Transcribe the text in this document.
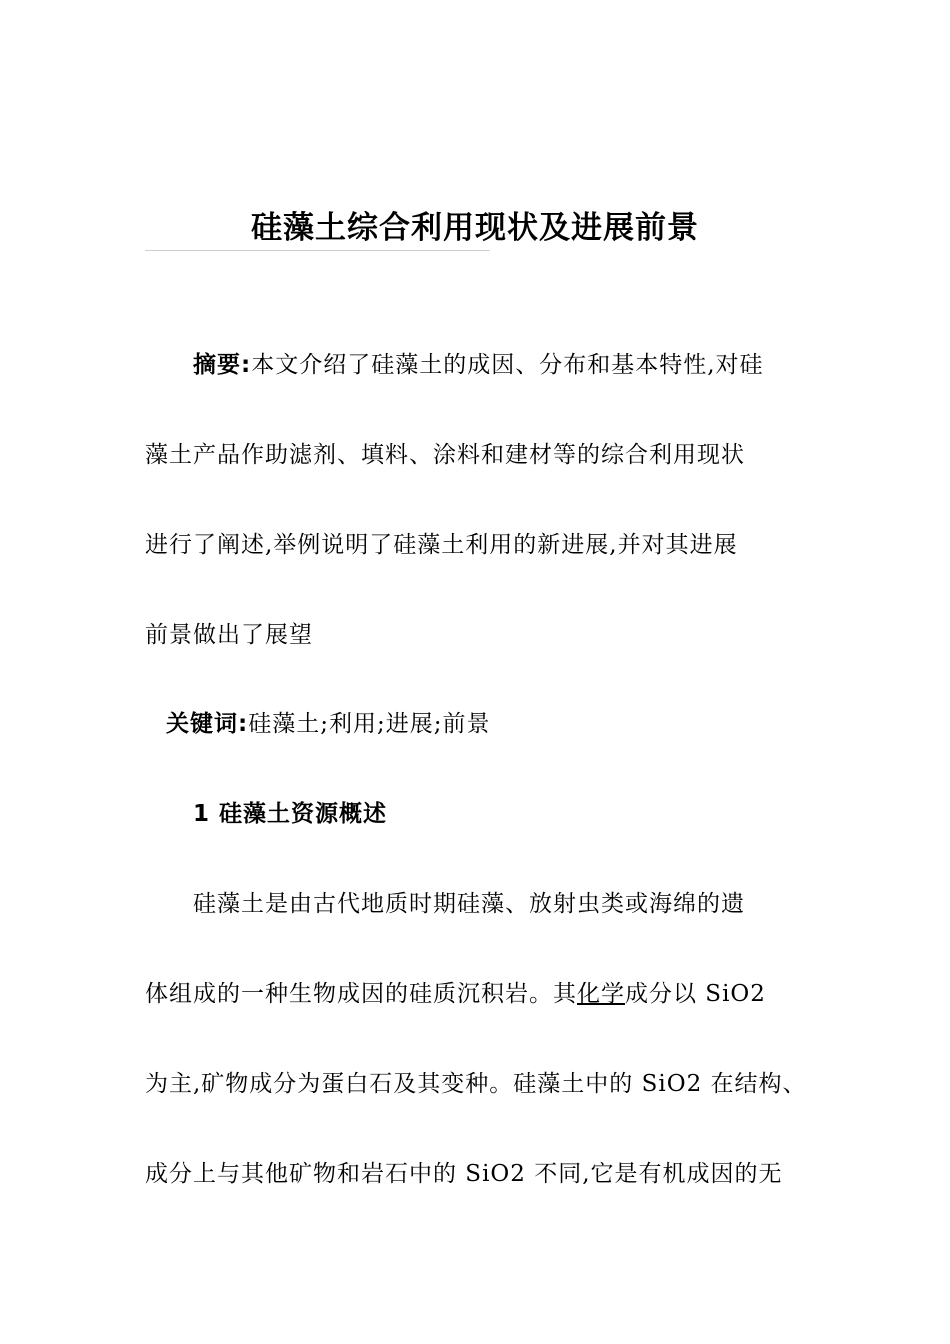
硅藻土综合利用现状及进展前景
摘要:本文介绍了硅藻土的成因、分布和基本特性,对硅
藻土产品作助滤剂、填料、涂料和建材等的综合利用现状
进行了阐述,举例说明了硅藻土利用的新进展,并对其进展
前景做出了展望
关键词:硅藻土;利用;进展;前景
1 硅藻土资源概述
硅藻土是由古代地质时期硅藻、放射虫类或海绵的遗
体组成的一种生物成因的硅质沉积岩。其化学成分以 SiO2
为主,矿物成分为蛋白石及其变种。硅藻土中的 SiO2 在结构、
成分上与其他矿物和岩石中的 SiO2 不同,它是有机成因的无
